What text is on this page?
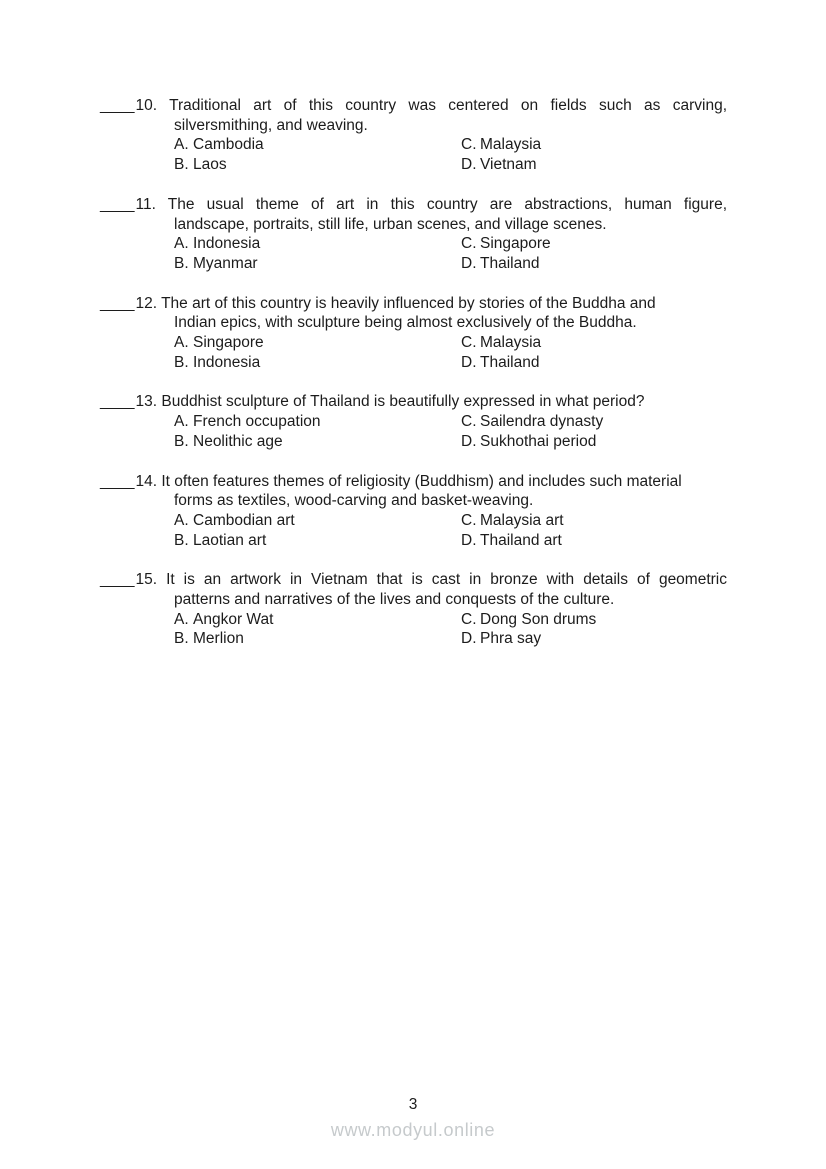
____10. Traditional art of this country was centered on fields such as carving,
silversmithing, and weaving.

A. Cambodia	C. Malaysia
B. Laos	D. Vietnam

____11. The usual theme of art in this country are abstractions, human figure,
landscape, portraits, still life, urban scenes, and village scenes.

A. Indonesia	C. Singapore
B. Myanmar	D. Thailand

____12. The art of this country is heavily influenced by stories of the Buddha and
Indian epics, with sculpture being almost exclusively of the Buddha.

A. Singapore	C. Malaysia
B. Indonesia	D. Thailand

____13. Buddhist sculpture of Thailand is beautifully expressed in what period?

A. French occupation	C. Sailendra dynasty
B. Neolithic age	D. Sukhothai period

____14. It often features themes of religiosity (Buddhism) and includes such material
forms as textiles, wood-carving and basket-weaving.

A. Cambodian art	C. Malaysia art
B. Laotian art	D. Thailand art

____15. It is an artwork in Vietnam that is cast in bronze with details of geometric
patterns and narratives of the lives and conquests of the culture.

A. Angkor Wat	C. Dong Son drums
B. Merlion	D. Phra say
3
www.modyul.online
